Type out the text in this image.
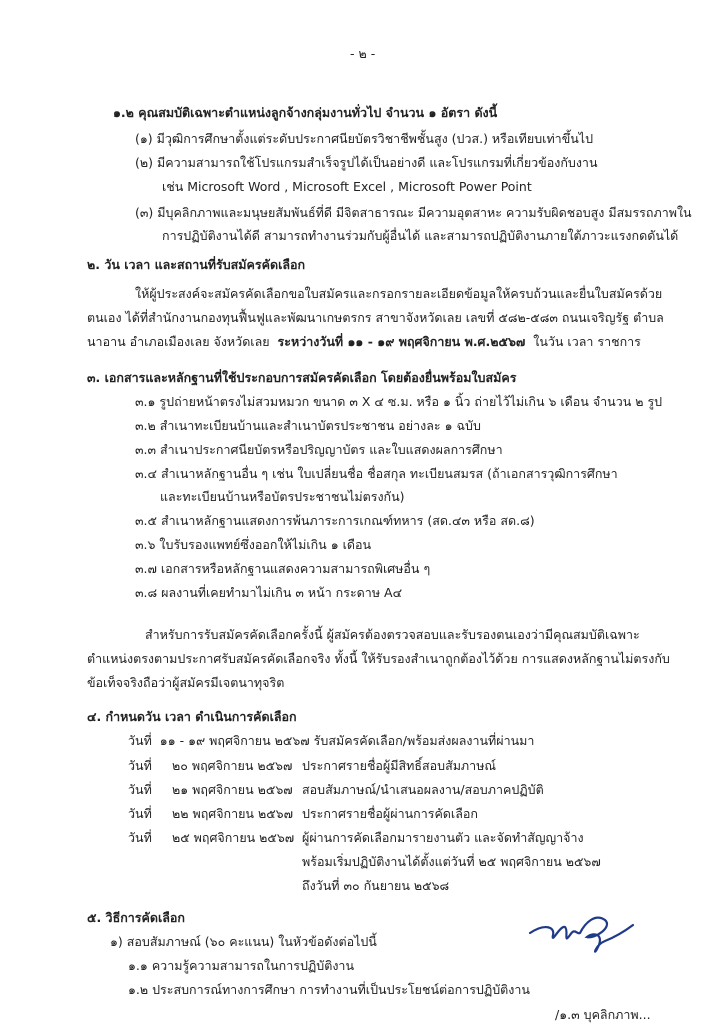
- ๒ -
๑.๒ คุณสมบัติเฉพาะตำแหน่งลูกจ้างกลุ่มงานทั่วไป จำนวน ๑ อัตรา ดังนี้
(๑) มีวุฒิการศึกษาตั้งแต่ระดับประกาศนียบัตรวิชาชีพชั้นสูง (ปวส.) หรือเทียบเท่าขึ้นไป
(๒) มีความสามารถใช้โปรแกรมสำเร็จรูปได้เป็นอย่างดี และโปรแกรมที่เกี่ยวข้องกับงาน
เช่น Microsoft Word , Microsoft Excel , Microsoft Power Point
(๓) มีบุคลิกภาพและมนุษยสัมพันธ์ที่ดี มีจิตสาธารณะ มีความอุตสาหะ ความรับผิดชอบสูง มีสมรรถภาพใน
การปฏิบัติงานได้ดี สามารถทำงานร่วมกับผู้อื่นได้ และสามารถปฏิบัติงานภายใต้ภาวะแรงกดดันได้
๒. วัน เวลา และสถานที่รับสมัครคัดเลือก
ให้ผู้ประสงค์จะสมัครคัดเลือกขอใบสมัครและกรอกรายละเอียดข้อมูลให้ครบถ้วนและยื่นใบสมัครด้วย
ตนเอง ได้ที่สำนักงานกองทุนฟื้นฟูและพัฒนาเกษตรกร สาขาจังหวัดเลย เลขที่ ๕๘๒-๕๘๓ ถนนเจริญรัฐ ตำบล
นาอาน อำเภอเมืองเลย จังหวัดเลย ระหว่างวันที่ ๑๑ - ๑๙ พฤศจิกายน พ.ศ.๒๕๖๗ ในวัน เวลา ราชการ
๓. เอกสารและหลักฐานที่ใช้ประกอบการสมัครคัดเลือก โดยต้องยื่นพร้อมใบสมัคร
๓.๑ รูปถ่ายหน้าตรงไม่สวมหมวก ขนาด ๓ X ๔ ซ.ม. หรือ ๑ นิ้ว ถ่ายไว้ไม่เกิน ๖ เดือน จำนวน ๒ รูป
๓.๒ สำเนาทะเบียนบ้านและสำเนาบัตรประชาชน อย่างละ ๑ ฉบับ
๓.๓ สำเนาประกาศนียบัตรหรือปริญญาบัตร และใบแสดงผลการศึกษา
๓.๔ สำเนาหลักฐานอื่น ๆ เช่น ใบเปลี่ยนชื่อ ชื่อสกุล ทะเบียนสมรส (ถ้าเอกสารวุฒิการศึกษา
และทะเบียนบ้านหรือบัตรประชาชนไม่ตรงกัน)
๓.๕ สำเนาหลักฐานแสดงการพ้นภาระการเกณฑ์ทหาร (สด.๔๓ หรือ สด.๘)
๓.๖ ใบรับรองแพทย์ซึ่งออกให้ไม่เกิน ๑ เดือน
๓.๗ เอกสารหรือหลักฐานแสดงความสามารถพิเศษอื่น ๆ
๓.๘ ผลงานที่เคยทำมาไม่เกิน ๓ หน้า กระดาษ A๔
สำหรับการรับสมัครคัดเลือกครั้งนี้ ผู้สมัครต้องตรวจสอบและรับรองตนเองว่ามีคุณสมบัติเฉพาะ
ตำแหน่งตรงตามประกาศรับสมัครคัดเลือกจริง ทั้งนี้ ให้รับรองสำเนาถูกต้องไว้ด้วย การแสดงหลักฐานไม่ตรงกับ
ข้อเท็จจริงถือว่าผู้สมัครมีเจตนาทุจริต
๔. กำหนดวัน เวลา ดำเนินการคัดเลือก
วันที่ ๑๑ - ๑๙ พฤศจิกายน ๒๕๖๗ รับสมัครคัดเลือก/พร้อมส่งผลงานที่ผ่านมา
วันที่ ๒๐ พฤศจิกายน ๒๕๖๗ ประกาศรายชื่อผู้มีสิทธิ์สอบสัมภาษณ์
วันที่ ๒๑ พฤศจิกายน ๒๕๖๗ สอบสัมภาษณ์/นำเสนอผลงาน/สอบภาคปฏิบัติ
วันที่ ๒๒ พฤศจิกายน ๒๕๖๗ ประกาศรายชื่อผู้ผ่านการคัดเลือก
วันที่ ๒๕ พฤศจิกายน ๒๕๖๗ ผู้ผ่านการคัดเลือกมารายงานตัว และจัดทำสัญญาจ้าง
พร้อมเริ่มปฏิบัติงานได้ตั้งแต่วันที่ ๒๕ พฤศจิกายน ๒๕๖๗
ถึงวันที่ ๓๐ กันยายน ๒๕๖๘
๕. วิธีการคัดเลือก
๑) สอบสัมภาษณ์ (๖๐ คะแนน) ในหัวข้อดังต่อไปนี้
๑.๑ ความรู้ความสามารถในการปฏิบัติงาน
๑.๒ ประสบการณ์ทางการศึกษา การทำงานที่เป็นประโยชน์ต่อการปฏิบัติงาน
/๑.๓ บุคลิกภาพ...
